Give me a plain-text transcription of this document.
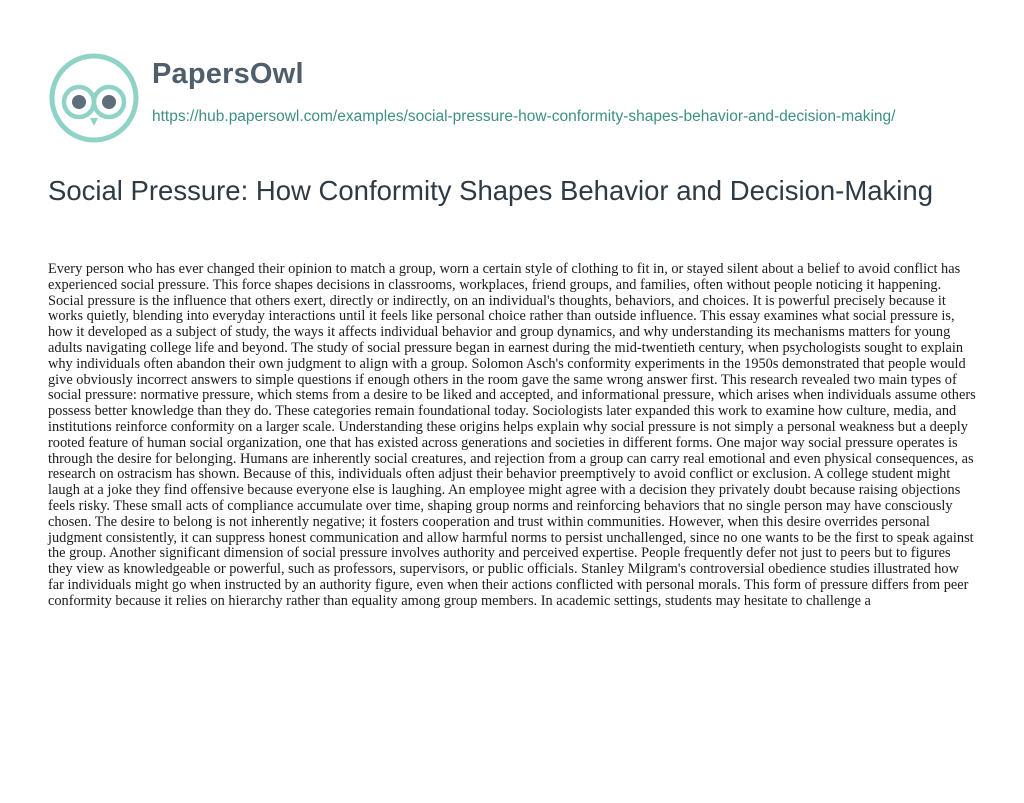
PapersOwl
https://hub.papersowl.com/examples/social-pressure-how-conformity-shapes-behavior-and-decision-making/
Social Pressure: How Conformity Shapes Behavior and Decision-Making

Every person who has ever changed their opinion to match a group, worn a certain style of clothing to fit in, or stayed silent about a belief to avoid conflict has experienced social pressure. This force shapes decisions in classrooms, workplaces, friend groups, and families, often without people noticing it happening. Social pressure is the influence that others exert, directly or indirectly, on an individual's thoughts, behaviors, and choices. It is powerful precisely because it works quietly, blending into everyday interactions until it feels like personal choice rather than outside influence. This essay examines what social pressure is, how it developed as a subject of study, the ways it affects individual behavior and group dynamics, and why understanding its mechanisms matters for young adults navigating college life and beyond. The study of social pressure began in earnest during the mid-twentieth century, when psychologists sought to explain why individuals often abandon their own judgment to align with a group. Solomon Asch's conformity experiments in the 1950s demonstrated that people would give obviously incorrect answers to simple questions if enough others in the room gave the same wrong answer first. This research revealed two main types of social pressure: normative pressure, which stems from a desire to be liked and accepted, and informational pressure, which arises when individuals assume others possess better knowledge than they do. These categories remain foundational today. Sociologists later expanded this work to examine how culture, media, and institutions reinforce conformity on a larger scale. Understanding these origins helps explain why social pressure is not simply a personal weakness but a deeply rooted feature of human social organization, one that has existed across generations and societies in different forms. One major way social pressure operates is through the desire for belonging. Humans are inherently social creatures, and rejection from a group can carry real emotional and even physical consequences, as research on ostracism has shown. Because of this, individuals often adjust their behavior preemptively to avoid conflict or exclusion. A college student might laugh at a joke they find offensive because everyone else is laughing. An employee might agree with a decision they privately doubt because raising objections feels risky. These small acts of compliance accumulate over time, shaping group norms and reinforcing behaviors that no single person may have consciously chosen. The desire to belong is not inherently negative; it fosters cooperation and trust within communities. However, when this desire overrides personal judgment consistently, it can suppress honest communication and allow harmful norms to persist unchallenged, since no one wants to be the first to speak against the group. Another significant dimension of social pressure involves authority and perceived expertise. People frequently defer not just to peers but to figures they view as knowledgeable or powerful, such as professors, supervisors, or public officials. Stanley Milgram's controversial obedience studies illustrated how far individuals might go when instructed by an authority figure, even when their actions conflicted with personal morals. This form of pressure differs from peer conformity because it relies on hierarchy rather than equality among group members. In academic settings, students may hesitate to challenge a
